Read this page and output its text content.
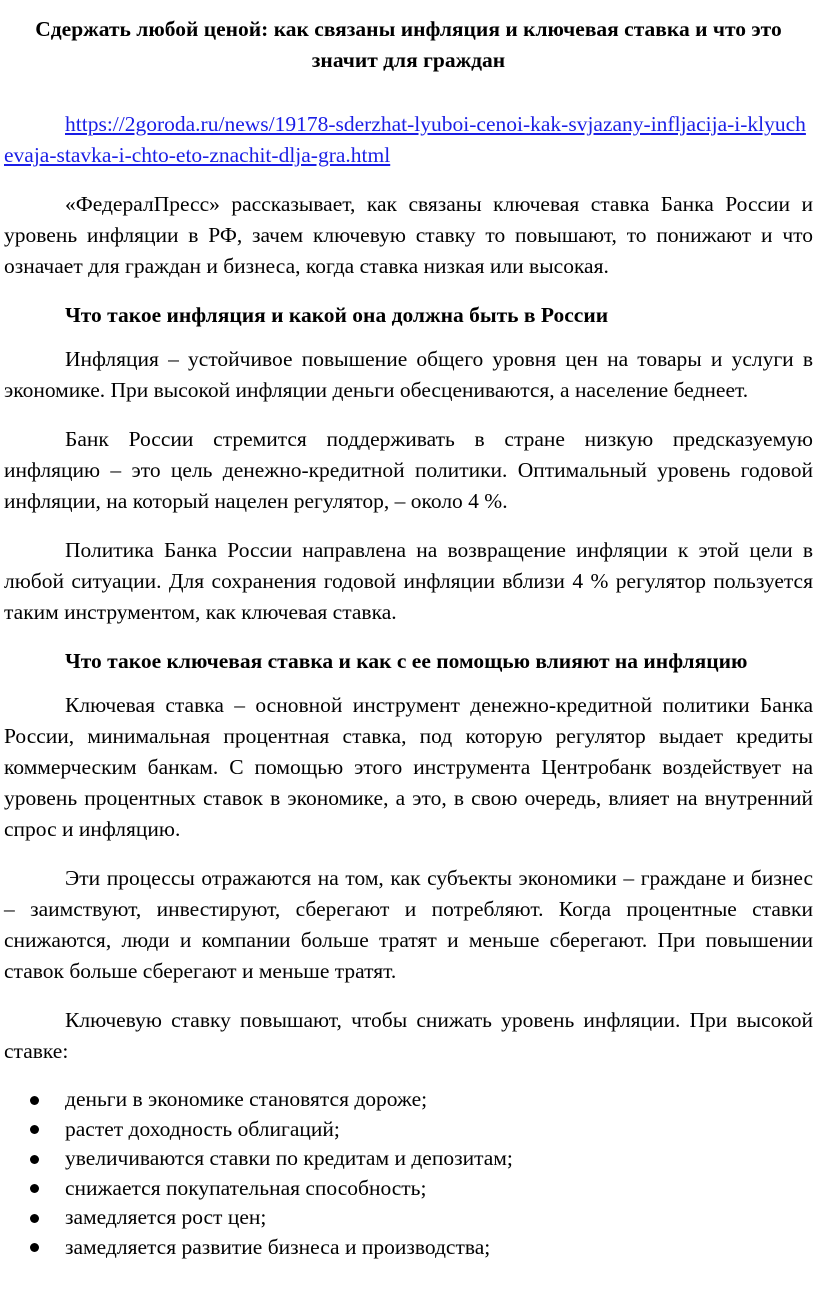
Сдержать любой ценой: как связаны инфляция и ключевая ставка и что это значит для граждан
https://2goroda.ru/news/19178-sderzhat-lyuboi-cenoi-kak-svjazany-infljacija-i-klyuchevaja-stavka-i-chto-eto-znachit-dlja-gra.html

«ФедералПресс» рассказывает, как связаны ключевая ставка Банка России и уровень инфляции в РФ, зачем ключевую ставку то повышают, то понижают и что означает для граждан и бизнеса, когда ставка низкая или высокая.

Что такое инфляция и какой она должна быть в России

Инфляция – устойчивое повышение общего уровня цен на товары и услуги в экономике. При высокой инфляции деньги обесцениваются, а население беднеет.

Банк России стремится поддерживать в стране низкую предсказуемую инфляцию – это цель денежно-кредитной политики. Оптимальный уровень годовой инфляции, на который нацелен регулятор, – около 4 %.

Политика Банка России направлена на возвращение инфляции к этой цели в любой ситуации. Для сохранения годовой инфляции вблизи 4 % регулятор пользуется таким инструментом, как ключевая ставка.

Что такое ключевая ставка и как с ее помощью влияют на инфляцию

Ключевая ставка – основной инструмент денежно-кредитной политики Банка России, минимальная процентная ставка, под которую регулятор выдает кредиты коммерческим банкам. С помощью этого инструмента Центробанк воздействует на уровень процентных ставок в экономике, а это, в свою очередь, влияет на внутренний спрос и инфляцию.

Эти процессы отражаются на том, как субъекты экономики – граждане и бизнес – заимствуют, инвестируют, сберегают и потребляют. Когда процентные ставки снижаются, люди и компании больше тратят и меньше сберегают. При повышении ставок больше сберегают и меньше тратят.

Ключевую ставку повышают, чтобы снижать уровень инфляции. При высокой ставке:

деньги в экономике становятся дороже;
растет доходность облигаций;
увеличиваются ставки по кредитам и депозитам;
снижается покупательная способность;
замедляется рост цен;
замедляется развитие бизнеса и производства;
